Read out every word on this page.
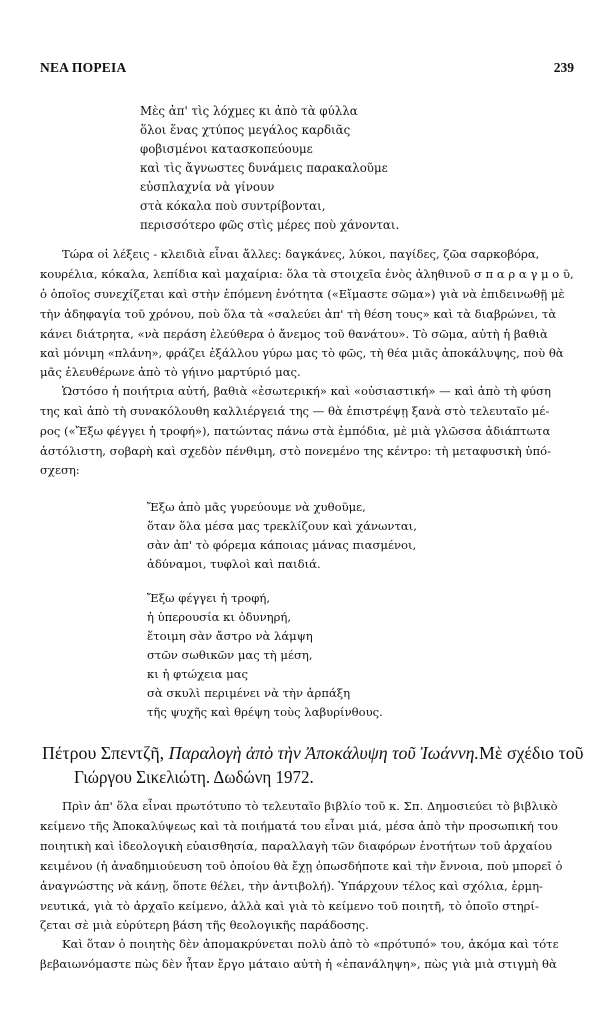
ΝΕΑ ΠΟΡΕΙΑ	239
Μὲς ἀπ' τὶς λόχμες κι ἀπὸ τὰ φύλλα
ὅλοι ἕνας χτύπος μεγάλος καρδιᾶς
φοβισμένοι κατασκοπεύουμε
καὶ τὶς ἄγνωστες δυνάμεις παρακαλοῦμε
εὐσπλαχνία νὰ γίνουν
στὰ κόκαλα ποὺ συντρίβονται,
περισσότερο φῶς στὶς μέρες ποὺ χάνονται.
Τώρα οἱ λέξεις - κλειδιὰ εἶναι ἄλλες: δαγκάνες, λύκοι, παγίδες, ζῶα σαρκοβόρα,
κουρέλια, κόκαλα, λεπίδια καὶ μαχαίρια: ὅλα τὰ στοιχεῖα ἑνὸς ἀληθινοῦ σ π α ρ α γ μ ο ῦ,
ὁ ὁποῖος συνεχίζεται καὶ στὴν ἑπόμενη ἑνότητα («Εἴμαστε σῶμα») γιὰ νὰ ἐπιδεινωθῇ μὲ
τὴν ἀδηφαγία τοῦ χρόνου, ποὺ ὅλα τὰ «σαλεύει ἀπ' τὴ θέση τους» καὶ τὰ διαβρώνει, τὰ
κάνει διάτρητα, «νὰ περάση ἐλεύθερα ὁ ἄνεμος τοῦ θανάτου». Τὸ σῶμα, αὐτὴ ἡ βαθιὰ
καὶ μόνιμη «πλάνη», φράζει ἐξάλλου γύρω μας τὸ φῶς, τὴ θέα μιᾶς ἀποκάλυψης, ποὺ θὰ
μᾶς ἐλευθέρωνε ἀπὸ τὸ γήινο μαρτύριό μας.
Ὡστόσο ἡ ποιήτρια αὐτή, βαθιὰ «ἐσωτερική» καὶ «οὐσιαστική» — καὶ ἀπὸ τὴ φύση
της καὶ ἀπὸ τὴ συνακόλουθη καλλιέργειά της — θὰ ἐπιστρέψῃ ξανὰ στὸ τελευταῖο μέ-
ρος («Ἔξω φέγγει ἡ τροφή»), πατώντας πάνω στὰ ἐμπόδια, μὲ μιὰ γλῶσσα ἀδιάπτωτα
ἀστόλιστη, σοβαρὴ καὶ σχεδὸν πένθιμη, στὸ πονεμένο της κέντρο: τὴ μεταφυσικὴ ὑπό-
σχεση:
Ἔξω ἀπὸ μᾶς γυρεύουμε νὰ χυθοῦμε,
ὅταν ὅλα μέσα μας τρεκλίζουν καὶ χάνωνται,
σὰν ἀπ' τὸ φόρεμα κάποιας μάνας πιασμένοι,
ἀδύναμοι, τυφλοὶ καὶ παιδιά.
Ἔξω φέγγει ἡ τροφή,
ἡ ὑπερουσία κι ὀδυνηρή,
ἕτοιμη σὰν ἄστρο νὰ λάμψη
στῶν σωθικῶν μας τὴ μέση,
κι ἡ φτώχεια μας
σὰ σκυλὶ περιμένει νὰ τὴν ἁρπάξη
τῆς ψυχῆς καὶ θρέψη τοὺς λαβυρίνθους.
Πέτρου Σπεντζῆ, Παραλογὴ ἀπὸ τὴν Ἀποκάλυψη τοῦ Ἰωάννη.Μὲ σχέδιο τοῦ
Γιώργου Σικελιώτη. Δωδώνη 1972.
Πρὶν ἀπ' ὅλα εἶναι πρωτότυπο τὸ τελευταῖο βιβλίο τοῦ κ. Σπ. Δημοσιεύει τὸ βιβλικὸ
κείμενο τῆς Ἀποκαλύψεως καὶ τὰ ποιήματά του εἶναι μιά, μέσα ἀπὸ τὴν προσωπική του
ποιητικὴ καὶ ἰδεολογικὴ εὐαισθησία, παραλλαγὴ τῶν διαφόρων ἑνοτήτων τοῦ ἀρχαίου
κειμένου (ἡ ἀναδημιούευση τοῦ ὁποίου θὰ ἔχῃ ὁπωσδήποτε καὶ τὴν ἔννοια, ποὺ μπορεῖ ὁ
ἀναγνώστης νὰ κάνῃ, ὅποτε θέλει, τὴν ἀντιβολή). Ὑπάρχουν τέλος καὶ σχόλια, ἑρμη-
νευτικά, γιὰ τὸ ἀρχαῖο κείμενο, ἀλλὰ καὶ γιὰ τὸ κείμενο τοῦ ποιητῆ, τὸ ὁποῖο στηρί-
ζεται σὲ μιὰ εὐρύτερη βάση τῆς θεολογικῆς παράδοσης.
Καὶ ὅταν ὁ ποιητὴς δὲν ἀπομακρύνεται πολὺ ἀπὸ τὸ «πρότυπό» του, ἀκόμα καὶ τότε
βεβαιωνόμαστε πὼς δὲν ἦταν ἔργο μάταιο αὐτὴ ἡ «ἐπανάληψη», πὼς γιὰ μιὰ στιγμὴ θὰ
